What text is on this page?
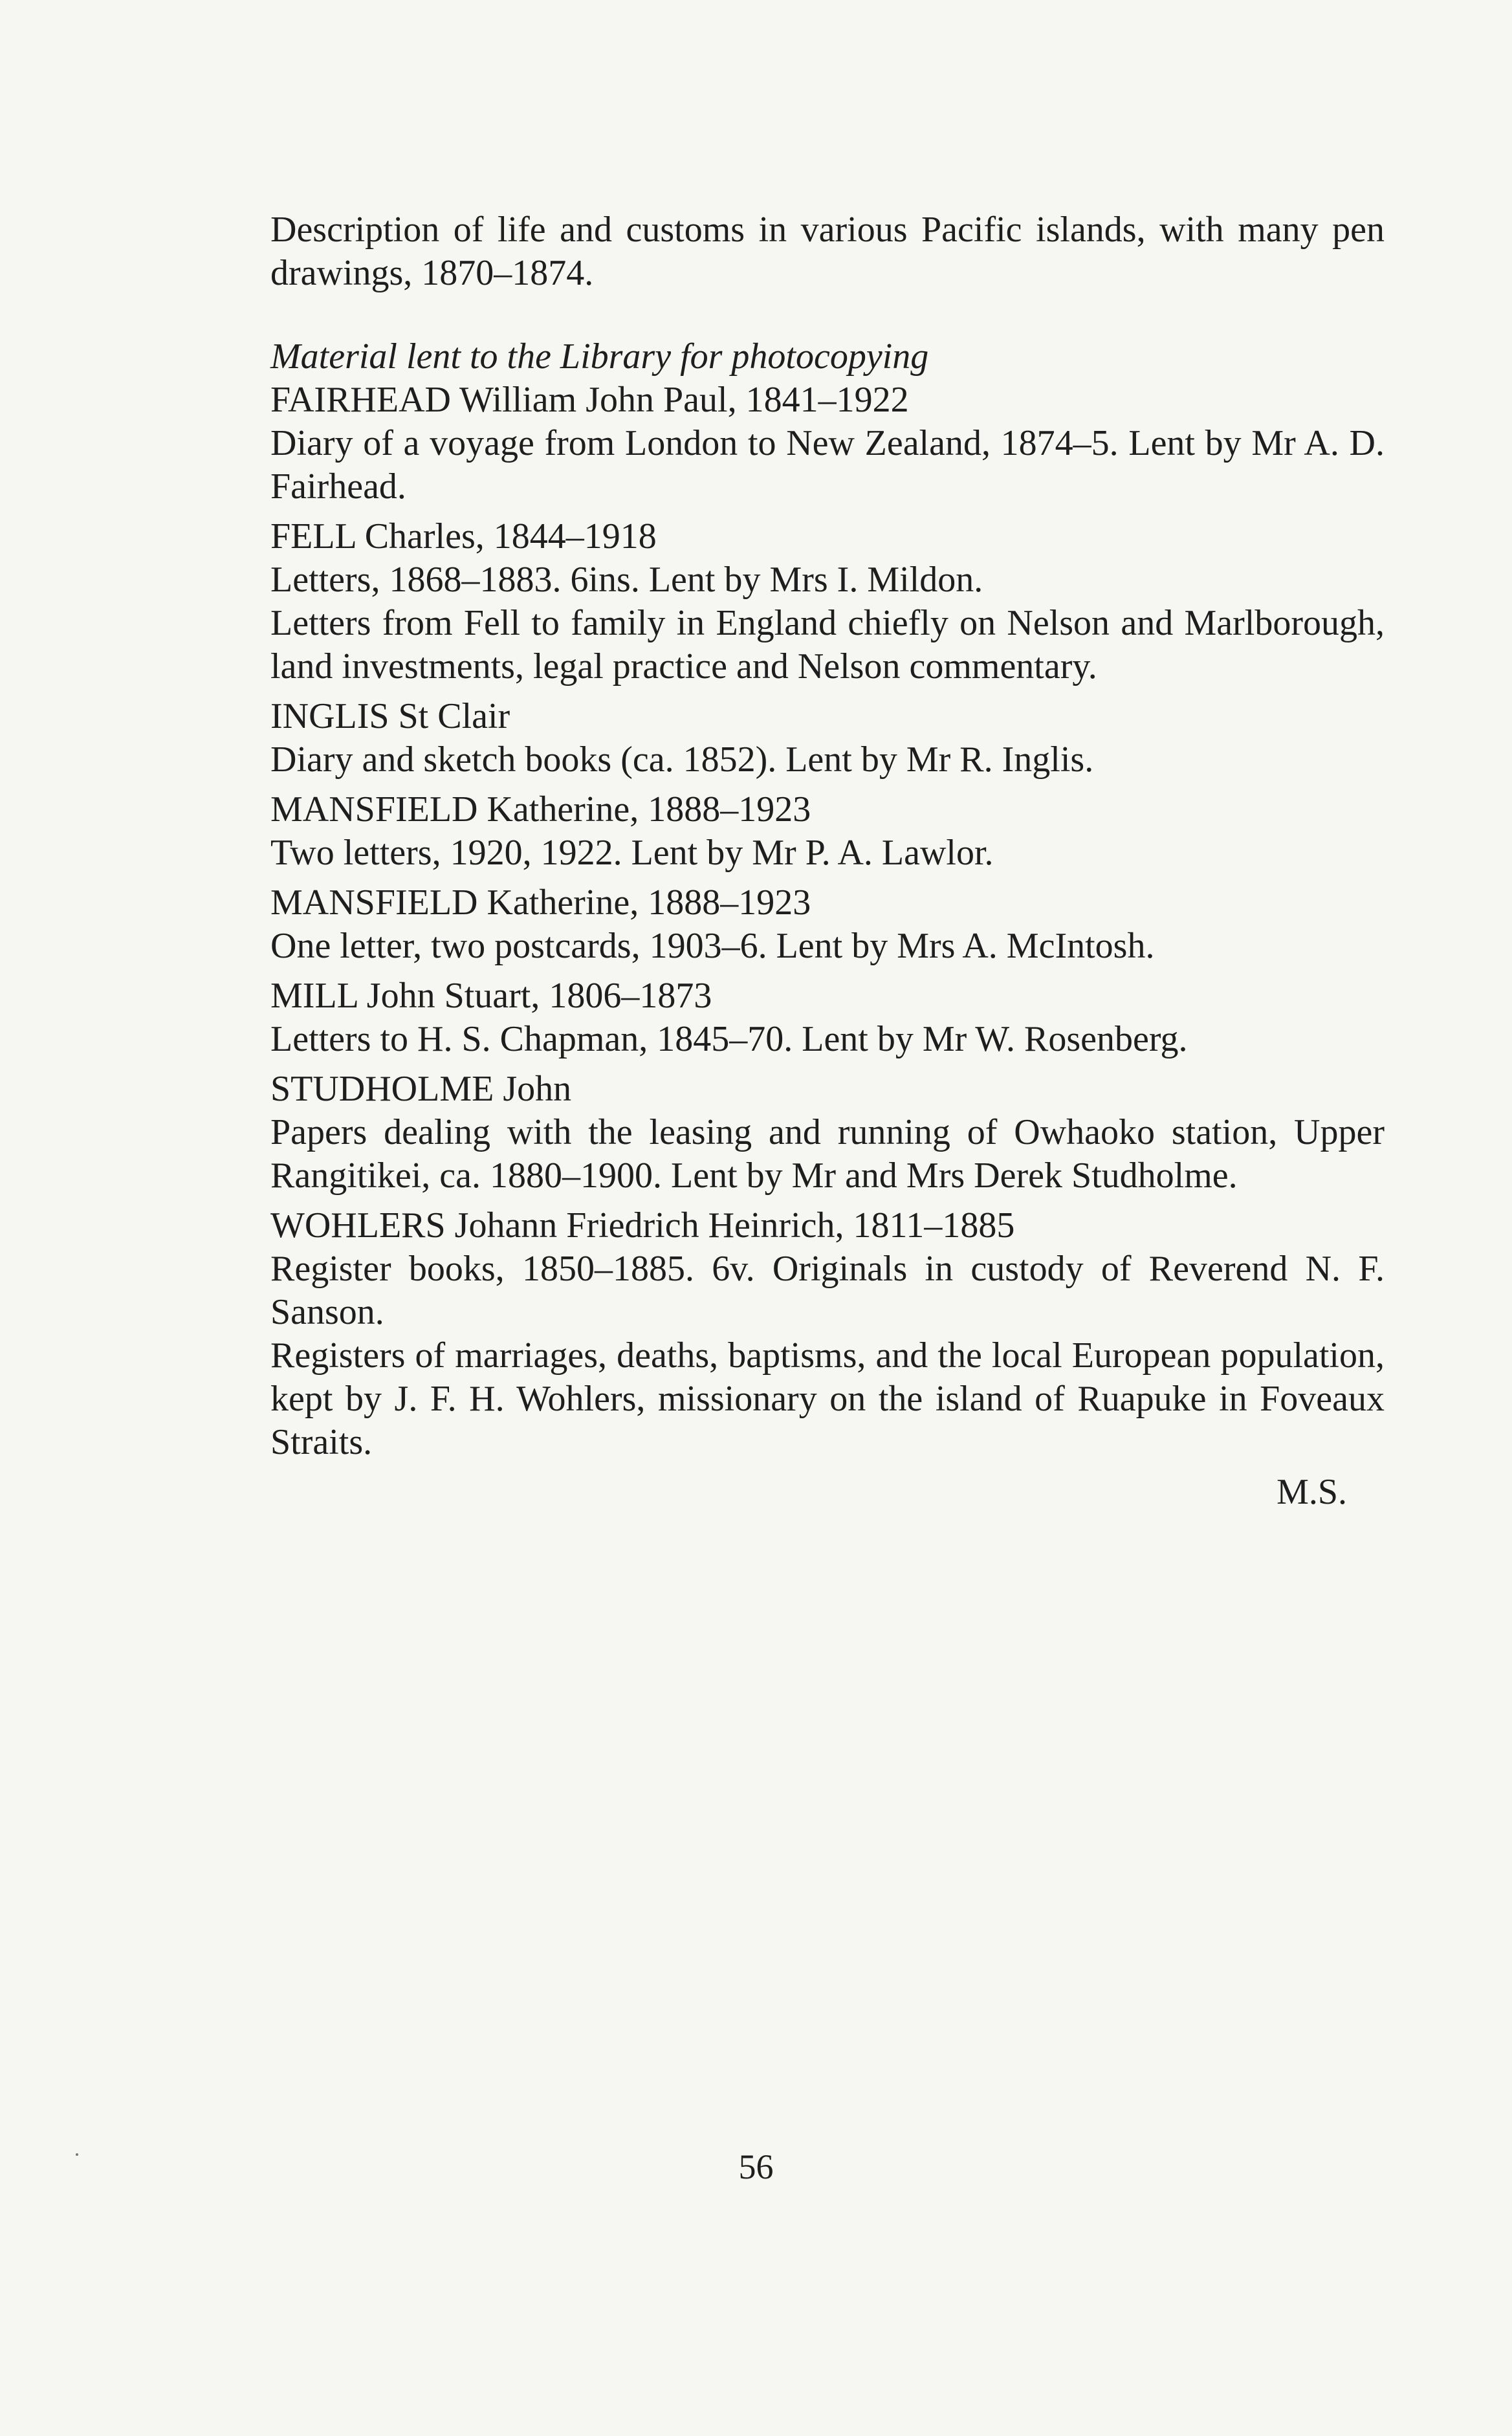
Description of life and customs in various Pacific islands, with many pen drawings, 1870–1874.

Material lent to the Library for photocopying

FAIRHEAD William John Paul, 1841–1922
Diary of a voyage from London to New Zealand, 1874–5. Lent by Mr A. D. Fairhead.
FELL Charles, 1844–1918
Letters, 1868–1883. 6ins. Lent by Mrs I. Mildon.
Letters from Fell to family in England chiefly on Nelson and Marlborough, land investments, legal practice and Nelson commentary.
INGLIS St Clair
Diary and sketch books (ca. 1852). Lent by Mr R. Inglis.
MANSFIELD Katherine, 1888–1923
Two letters, 1920, 1922. Lent by Mr P. A. Lawlor.
MANSFIELD Katherine, 1888–1923
One letter, two postcards, 1903–6. Lent by Mrs A. McIntosh.
MILL John Stuart, 1806–1873
Letters to H. S. Chapman, 1845–70. Lent by Mr W. Rosenberg.
STUDHOLME John
Papers dealing with the leasing and running of Owhaoko station, Upper Rangitikei, ca. 1880–1900. Lent by Mr and Mrs Derek Studholme.
WOHLERS Johann Friedrich Heinrich, 1811–1885
Register books, 1850–1885. 6v. Originals in custody of Reverend N. F. Sanson.
Registers of marriages, deaths, baptisms, and the local European population, kept by J. F. H. Wohlers, missionary on the island of Ruapuke in Foveaux Straits.
M.S.
56
